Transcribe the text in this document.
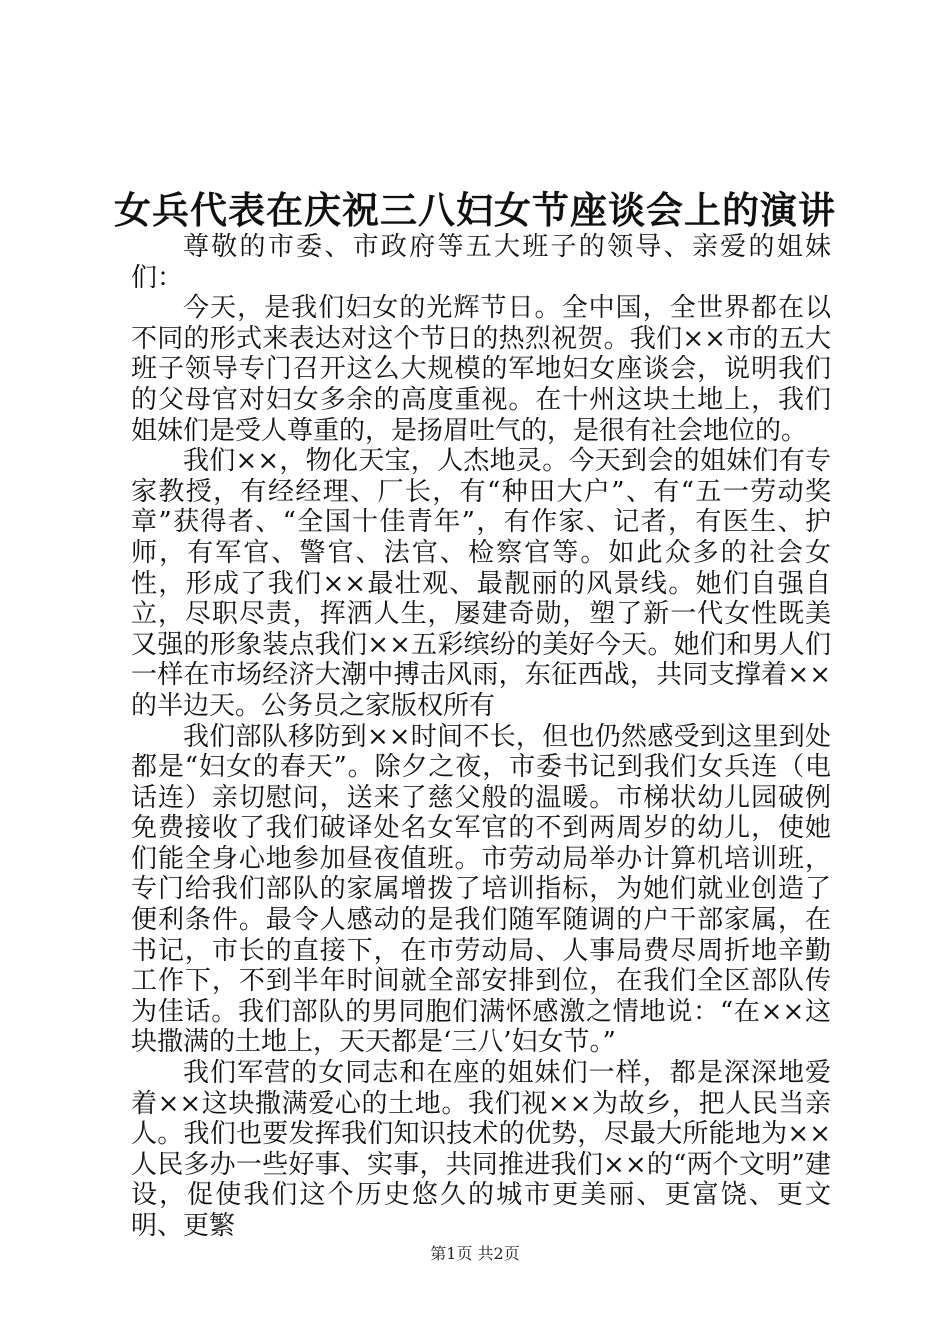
女兵代表在庆祝三八妇女节座谈会上的演讲

尊敬的市委、市政府等五大班子的领导、亲爱的姐妹们：

今天，是我们妇女的光辉节日。全中国，全世界都在以不同的形式来表达对这个节日的热烈祝贺。我们××市的五大班子领导专门召开这么大规模的军地妇女座谈会，说明我们的父母官对妇女多余的高度重视。在十州这块土地上，我们姐妹们是受人尊重的，是扬眉吐气的，是很有社会地位的。

我们××，物化天宝，人杰地灵。今天到会的姐妹们有专家教授，有经经理、厂长，有“种田大户”、有“五一劳动奖章”获得者、“全国十佳青年”，有作家、记者，有医生、护师，有军官、警官、法官、检察官等。如此众多的社会女性，形成了我们××最壮观、最靓丽的风景线。她们自强自立，尽职尽责，挥洒人生，屡建奇勋，塑了新一代女性既美又强的形象装点我们××五彩缤纷的美好今天。她们和男人们一样在市场经济大潮中搏击风雨，东征西战，共同支撑着××的半边天。公务员之家版权所有

我们部队移防到××时间不长，但也仍然感受到这里到处都是“妇女的春天”。除夕之夜，市委书记到我们女兵连（电话连）亲切慰问，送来了慈父般的温暖。市梯状幼儿园破例免费接收了我们破译处名女军官的不到两周岁的幼儿，使她们能全身心地参加昼夜值班。市劳动局举办计算机培训班，专门给我们部队的家属增拨了培训指标，为她们就业创造了便利条件。最令人感动的是我们随军随调的户干部家属，在书记，市长的直接下，在市劳动局、人事局费尽周折地辛勤工作下，不到半年时间就全部安排到位，在我们全区部队传为佳话。我们部队的男同胞们满怀感激之情地说：“在××这块撒满的土地上，天天都是‘三八’妇女节。”

我们军营的女同志和在座的姐妹们一样，都是深深地爱着××这块撒满爱心的土地。我们视××为故乡，把人民当亲人。我们也要发挥我们知识技术的优势，尽最大所能地为××人民多办一些好事、实事，共同推进我们××的“两个文明”建设，促使我们这个历史悠久的城市更美丽、更富饶、更文明、更繁

第1页 共2页
